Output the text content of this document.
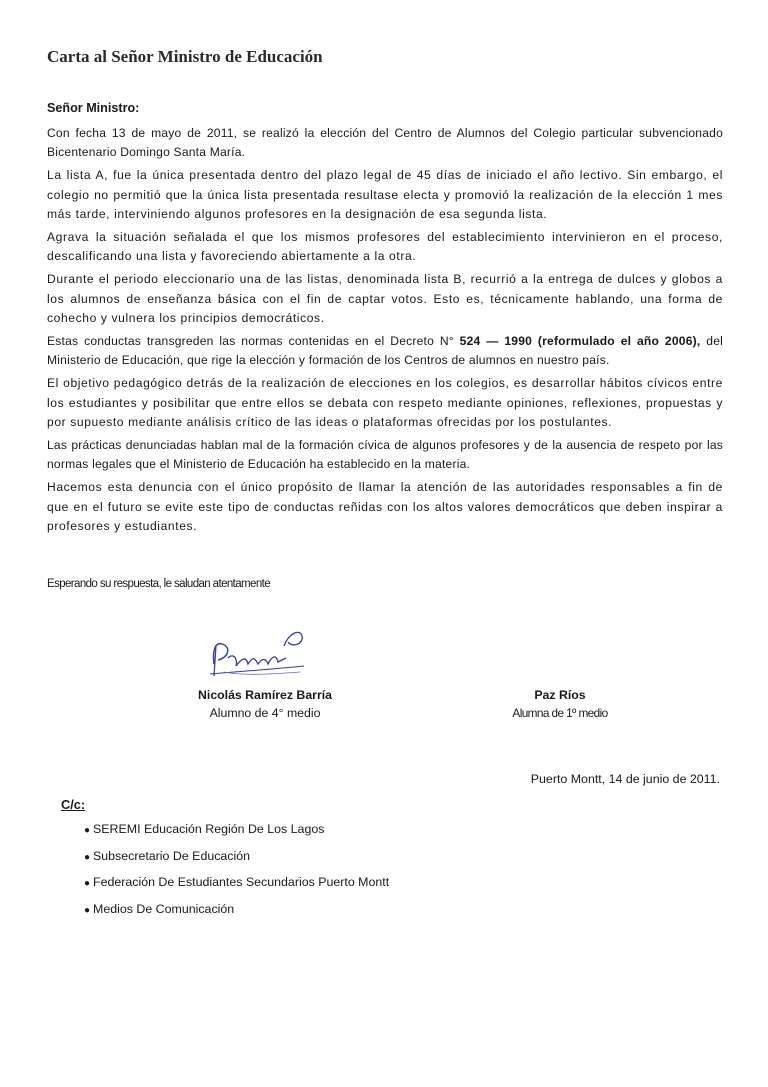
Carta al Señor Ministro de Educación
Señor Ministro:

Con fecha 13 de mayo de 2011, se realizó la elección del Centro de Alumnos del Colegio particular subvencionado Bicentenario Domingo Santa María.

La lista A, fue la única presentada dentro del plazo legal de 45 días de iniciado el año lectivo. Sin embargo, el colegio no permitió que la única lista presentada resultase electa y promovió la realización de la elección 1 mes más tarde, interviniendo algunos profesores en la designación de esa segunda lista.

Agrava la situación señalada el que los mismos profesores del establecimiento intervinieron en el proceso, descalificando una lista y favoreciendo abiertamente a la otra.

Durante el periodo eleccionario una de las listas, denominada lista B, recurrió a la entrega de dulces y globos a los alumnos de enseñanza básica con el fin de captar votos. Esto es, técnicamente hablando, una forma de cohecho y vulnera los principios democráticos.

Estas conductas transgreden las normas contenidas en el Decreto N° 524 — 1990 (reformulado el año 2006), del Ministerio de Educación, que rige la elección y formación de los Centros de alumnos en nuestro país.

El objetivo pedagógico detrás de la realización de elecciones en los colegios, es desarrollar hábitos cívicos entre los estudiantes y posibilitar que entre ellos se debata con respeto mediante opiniones, reflexiones, propuestas y por supuesto mediante análisis crítico de las ideas o plataformas ofrecidas por los postulantes.

Las prácticas denunciadas hablan mal de la formación cívica de algunos profesores y de la ausencia de respeto por las normas legales que el Ministerio de Educación ha establecido en la materia.

Hacemos esta denuncia con el único propósito de llamar la atención de las autoridades responsables a fin de que en el futuro se evite este tipo de conductas reñidas con los altos valores democráticos que deben inspirar a profesores y estudiantes.

Esperando su respuesta, le saludan atentamente
Nicolás Ramírez Barría
Alumno de 4° medio
Paz Ríos
Alumna de 1º medio
Puerto Montt, 14 de junio de 2011.
C/c:
● SEREMI Educación Región De Los Lagos
● Subsecretario De Educación
● Federación De Estudiantes Secundarios Puerto Montt
● Medios De Comunicación
